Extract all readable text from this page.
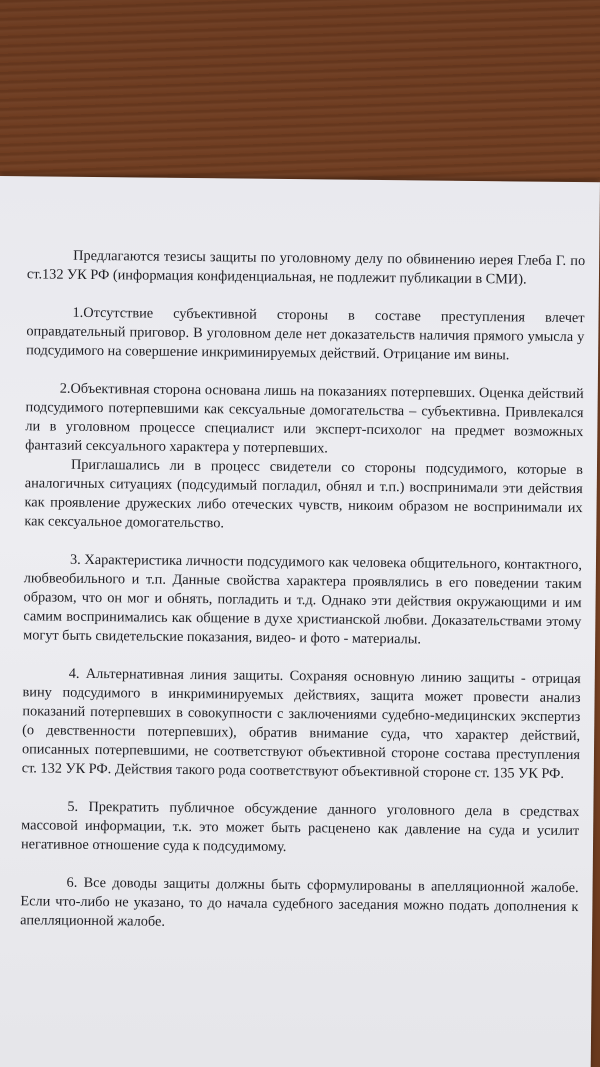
Предлагаются тезисы защиты по уголовному делу по обвинению иерея Глеба Г. по ст.132 УК РФ (информация конфиденциальная, не подлежит публикации в СМИ).

1.Отсутствие субъективной стороны в составе преступления влечет оправдательный приговор. В уголовном деле нет доказательств наличия прямого умысла у подсудимого на совершение инкриминируемых действий. Отрицание им вины.

2.Объективная сторона основана лишь на показаниях потерпевших. Оценка действий подсудимого потерпевшими как сексуальные домогательства – субъективна. Привлекался ли в уголовном процессе специалист или эксперт-психолог на предмет возможных фантазий сексуального характера у потерпевших.

Приглашались ли в процесс свидетели со стороны подсудимого, которые в аналогичных ситуациях (подсудимый погладил, обнял и т.п.) воспринимали эти действия как проявление дружеских либо отеческих чувств, никоим образом не воспринимали их как сексуальное домогательство.

3. Характеристика личности подсудимого как человека общительного, контактного, любвеобильного и т.п. Данные свойства характера проявлялись в его поведении таким образом, что он мог и обнять, погладить и т.д. Однако эти действия окружающими и им самим воспринимались как общение в духе христианской любви. Доказательствами этому могут быть свидетельские показания, видео- и фото - материалы.

4. Альтернативная линия защиты. Сохраняя основную линию защиты - отрицая вину подсудимого в инкриминируемых действиях, защита может провести анализ показаний потерпевших в совокупности с заключениями судебно-медицинских экспертиз (о девственности потерпевших), обратив внимание суда, что характер действий, описанных потерпевшими, не соответствуют объективной стороне состава преступления ст. 132 УК РФ. Действия такого рода соответствуют объективной стороне ст. 135 УК РФ.

5. Прекратить публичное обсуждение данного уголовного дела в средствах массовой информации, т.к. это может быть расценено как давление на суда и усилит негативное отношение суда к подсудимому.

6. Все доводы защиты должны быть сформулированы в апелляционной жалобе. Если что-либо не указано, то до начала судебного заседания можно подать дополнения к апелляционной жалобе.
